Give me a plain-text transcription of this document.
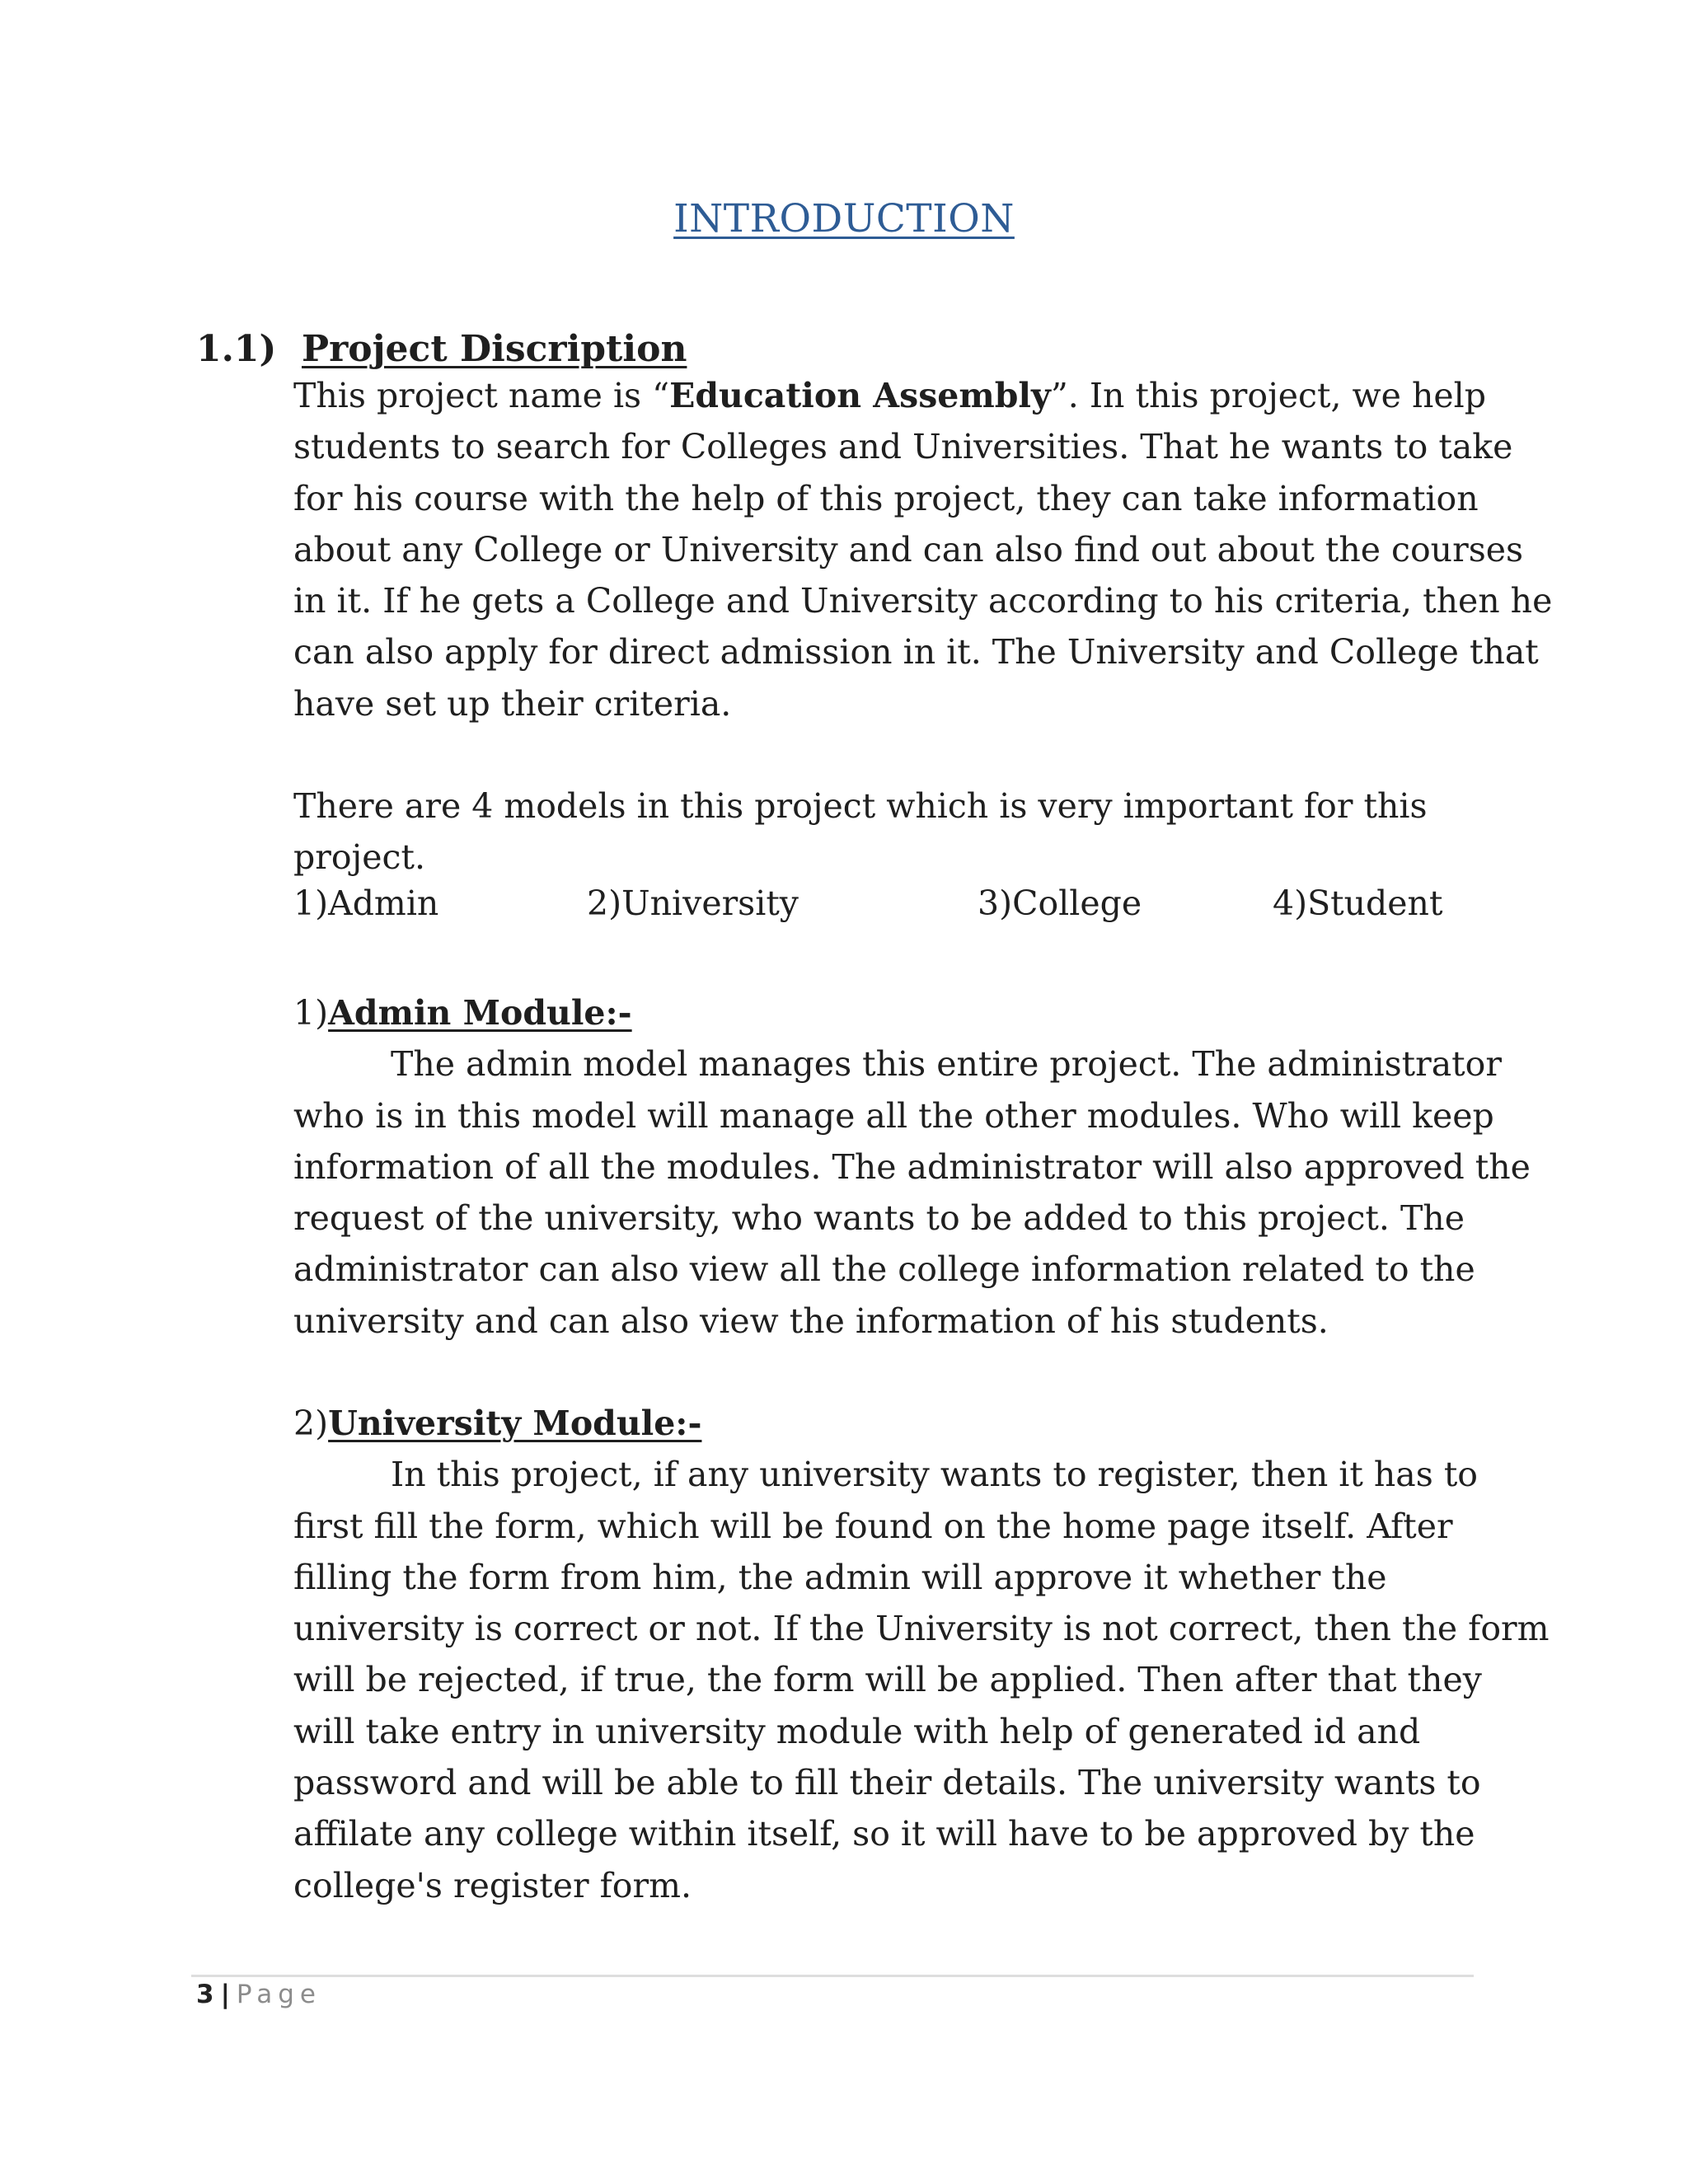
INTRODUCTION
1.1) Project Discription
This project name is “Education Assembly”. In this project, we help
students to search for Colleges and Universities. That he wants to take
for his course with the help of this project, they can take information
about any College or University and can also find out about the courses
in it. If he gets a College and University according to his criteria, then he
can also apply for direct admission in it. The University and College that
have set up their criteria.
There are 4 models in this project which is very important for this
project.
1)Admin	2)University	3)College	4)Student
1)Admin Module:-
The admin model manages this entire project. The administrator
who is in this model will manage all the other modules. Who will keep
information of all the modules. The administrator will also approved the
request of the university, who wants to be added to this project. The
administrator can also view all the college information related to the
university and can also view the information of his students.
2)University Module:-
In this project, if any university wants to register, then it has to
first fill the form, which will be found on the home page itself. After
filling the form from him, the admin will approve it whether the
university is correct or not. If the University is not correct, then the form
will be rejected, if true, the form will be applied. Then after that they
will take entry in university module with help of generated id and
password and will be able to fill their details. The university wants to
affilate any college within itself, so it will have to be approved by the
college's register form.
3 | Page
